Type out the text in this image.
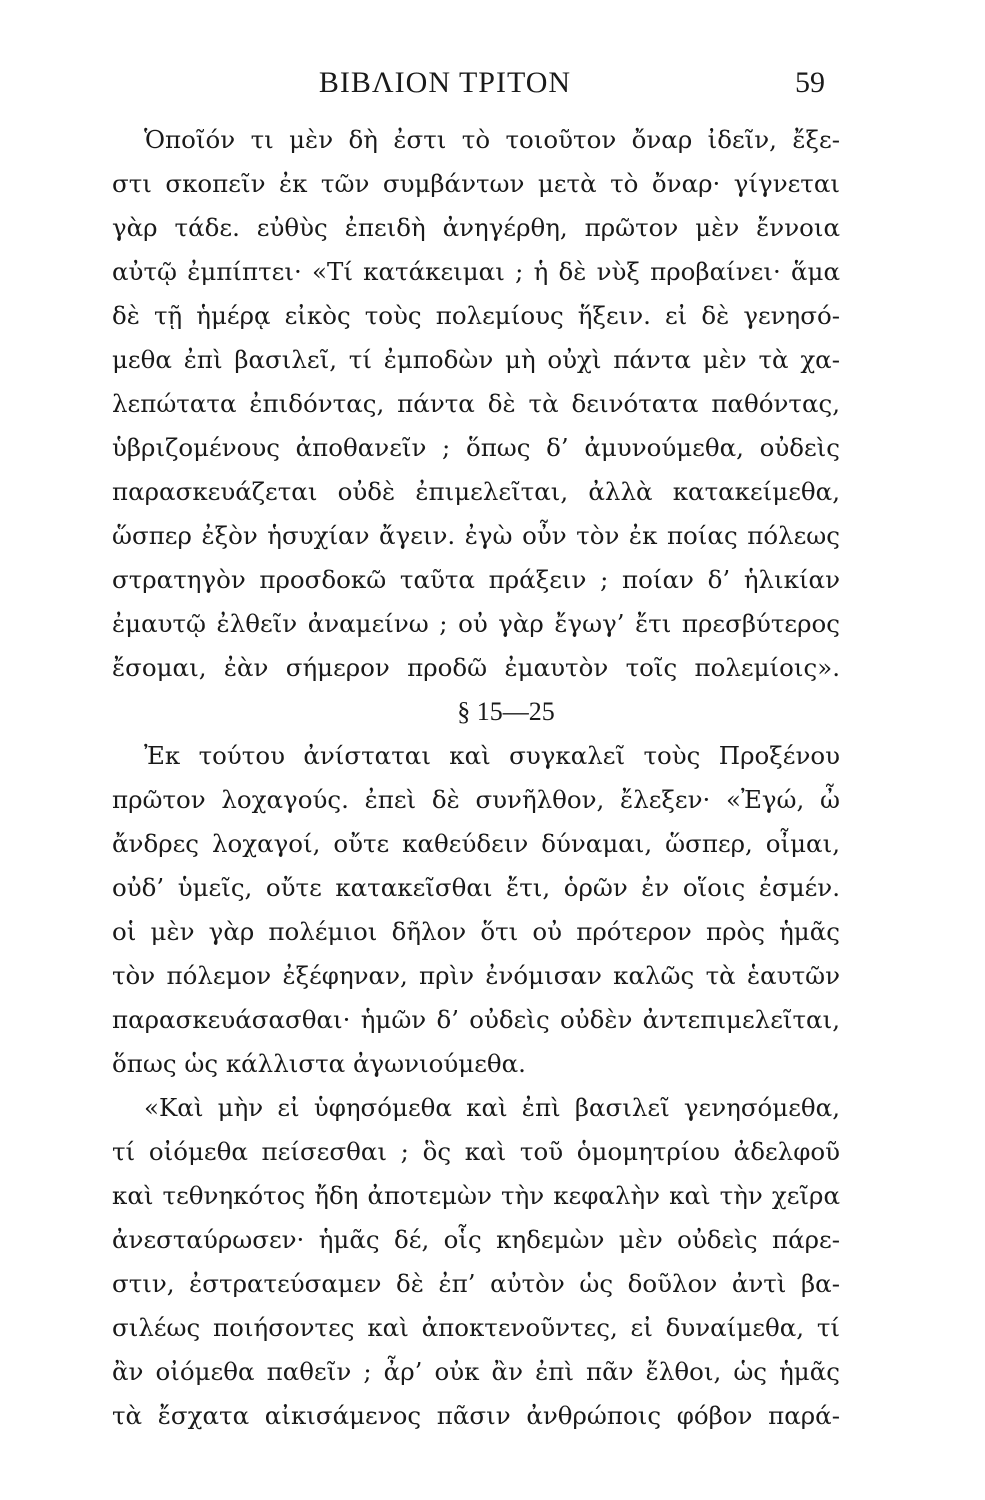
ΒΙΒΛΙΟΝ ΤΡΙΤΟΝ	59
Ὁποῖόν τι μὲν δὴ ἐστι τὸ τοιοῦτον ὄναρ ἰδεῖν, ἔξε-
στι σκοπεῖν ἐκ τῶν συμβάντων μετὰ τὸ ὄναρ· γίγνεται
γὰρ τάδε. εὐθὺς ἐπειδὴ ἀνηγέρθη, πρῶτον μὲν ἔννοια
αὐτῷ ἐμπίπτει· «Τί κατάκειμαι ; ἡ δὲ νὺξ προβαίνει· ἅμα
δὲ τῇ ἡμέρᾳ εἰκὸς τοὺς πολεμίους ἥξειν. εἰ δὲ γενησό-
μεθα ἐπὶ βασιλεῖ, τί ἐμποδὼν μὴ οὐχὶ πάντα μὲν τὰ χα-
λεπώτατα ἐπιδόντας, πάντα δὲ τὰ δεινότατα παθόντας,
ὑβριζομένους ἀποθανεῖν ; ὅπως δ’ ἀμυνούμεθα, οὐδεὶς
παρασκευάζεται οὐδὲ ἐπιμελεῖται, ἀλλὰ κατακείμεθα,
ὥσπερ ἐξὸν ἡσυχίαν ἄγειν. ἐγὼ οὖν τὸν ἐκ ποίας πόλεως
στρατηγὸν προσδοκῶ ταῦτα πράξειν ; ποίαν δ’ ἡλικίαν
ἐμαυτῷ ἐλθεῖν ἀναμείνω ; οὐ γὰρ ἔγωγ’ ἔτι πρεσβύτερος
ἔσομαι, ἐὰν σήμερον προδῶ ἐμαυτὸν τοῖς πολεμίοις».
§ 15—25
Ἐκ τούτου ἀνίσταται καὶ συγκαλεῖ τοὺς Προξένου
πρῶτον λοχαγούς. ἐπεὶ δὲ συνῆλθον, ἔλεξεν· «Ἐγώ, ὦ
ἄνδρες λοχαγοί, οὔτε καθεύδειν δύναμαι, ὥσπερ, οἶμαι,
οὐδ’ ὑμεῖς, οὔτε κατακεῖσθαι ἔτι, ὁρῶν ἐν οἵοις ἐσμέν.
οἱ μὲν γὰρ πολέμιοι δῆλον ὅτι οὐ πρότερον πρὸς ἡμᾶς
τὸν πόλεμον ἐξέφηναν, πρὶν ἐνόμισαν καλῶς τὰ ἑαυτῶν
παρασκευάσασθαι· ἡμῶν δ’ οὐδεὶς οὐδὲν ἀντεπιμελεῖται,
ὅπως ὡς κάλλιστα ἀγωνιούμεθα.
«Καὶ μὴν εἰ ὑφησόμεθα καὶ ἐπὶ βασιλεῖ γενησόμεθα,
τί οἰόμεθα πείσεσθαι ; ὃς καὶ τοῦ ὁμομητρίου ἀδελφοῦ
καὶ τεθνηκότος ἤδη ἀποτεμὼν τὴν κεφαλὴν καὶ τὴν χεῖρα
ἀνεσταύρωσεν· ἡμᾶς δέ, οἷς κηδεμὼν μὲν οὐδεὶς πάρε-
στιν, ἐστρατεύσαμεν δὲ ἐπ’ αὐτὸν ὡς δοῦλον ἀντὶ βα-
σιλέως ποιήσοντες καὶ ἀποκτενοῦντες, εἰ δυναίμεθα, τί
ἂν οἰόμεθα παθεῖν ; ἆρ’ οὐκ ἂν ἐπὶ πᾶν ἔλθοι, ὡς ἡμᾶς
τὰ ἔσχατα αἰκισάμενος πᾶσιν ἀνθρώποις φόβον παρά-
